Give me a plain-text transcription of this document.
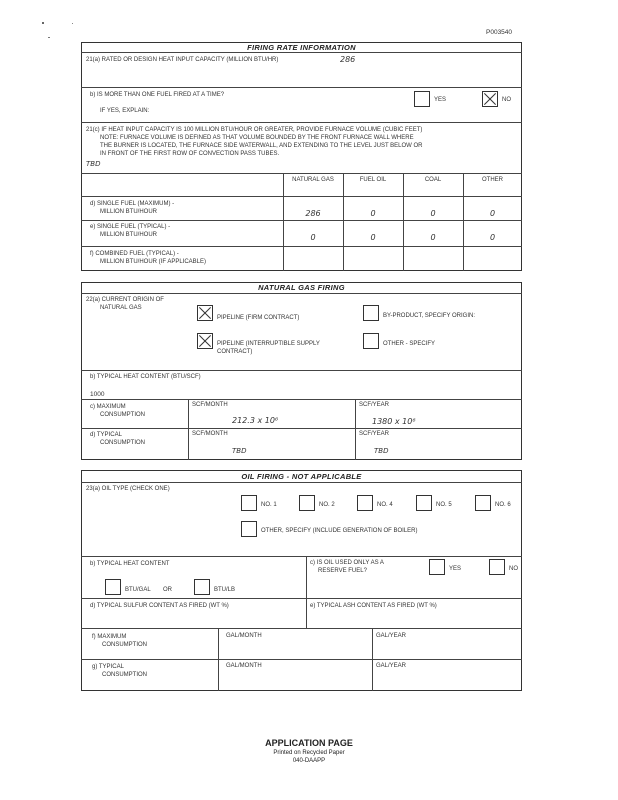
P003540
FIRING RATE INFORMATION
21(a) RATED OR DESIGN HEAT INPUT CAPACITY (MILLION BTU/HR)	286
b) IS MORE THAN ONE FUEL FIRED AT A TIME?
YES	NO
IF YES, EXPLAIN:
21(c) IF HEAT INPUT CAPACITY IS 100 MILLION BTU/HOUR OR GREATER, PROVIDE FURNACE VOLUME (CUBIC FEET)
NOTE: FURNACE VOLUME IS DEFINED AS THAT VOLUME BOUNDED BY THE FRONT FURNACE WALL WHERE
THE BURNER IS LOCATED, THE FURNACE SIDE WATERWALL, AND EXTENDING TO THE LEVEL JUST BELOW OR
IN FRONT OF THE FIRST ROW OF CONVECTION PASS TUBES.
TBD
NATURAL GAS	FUEL OIL	COAL	OTHER
d) SINGLE FUEL (MAXIMUM) -
MILLION BTU/HOUR	286	0	0	0
e) SINGLE FUEL (TYPICAL) -
MILLION BTU/HOUR	0	0	0	0
f) COMBINED FUEL (TYPICAL) -
MILLION BTU/HOUR (IF APPLICABLE)
NATURAL GAS FIRING
22(a) CURRENT ORIGIN OF
NATURAL GAS
PIPELINE (FIRM CONTRACT)	BY-PRODUCT, SPECIFY ORIGIN:
PIPELINE (INTERRUPTIBLE SUPPLY
CONTRACT)
OTHER - SPECIFY
b) TYPICAL HEAT CONTENT (BTU/SCF)
1000
c) MAXIMUM
CONSUMPTION
SCF/MONTH
212.3 x 10⁶
SCF/YEAR
1380 x 10⁶
d) TYPICAL
CONSUMPTION
SCF/MONTH
TBD
SCF/YEAR
TBD
OIL FIRING - NOT APPLICABLE
23(a) OIL TYPE (CHECK ONE)
NO. 1	NO. 2	NO. 4	NO. 5	NO. 6
OTHER, SPECIFY (INCLUDE GENERATION OF BOILER)
b) TYPICAL HEAT CONTENT
BTU/GAL OR	BTU/LB
c) IS OIL USED ONLY AS A
RESERVE FUEL?	YES	NO
d) TYPICAL SULFUR CONTENT AS FIRED (WT %)	e) TYPICAL ASH CONTENT AS FIRED (WT %)
f) MAXIMUM
CONSUMPTION
GAL/MONTH	GAL/YEAR
g) TYPICAL
CONSUMPTION
GAL/MONTH	GAL/YEAR
APPLICATION PAGE
Printed on Recycled Paper
040-DAAPP
